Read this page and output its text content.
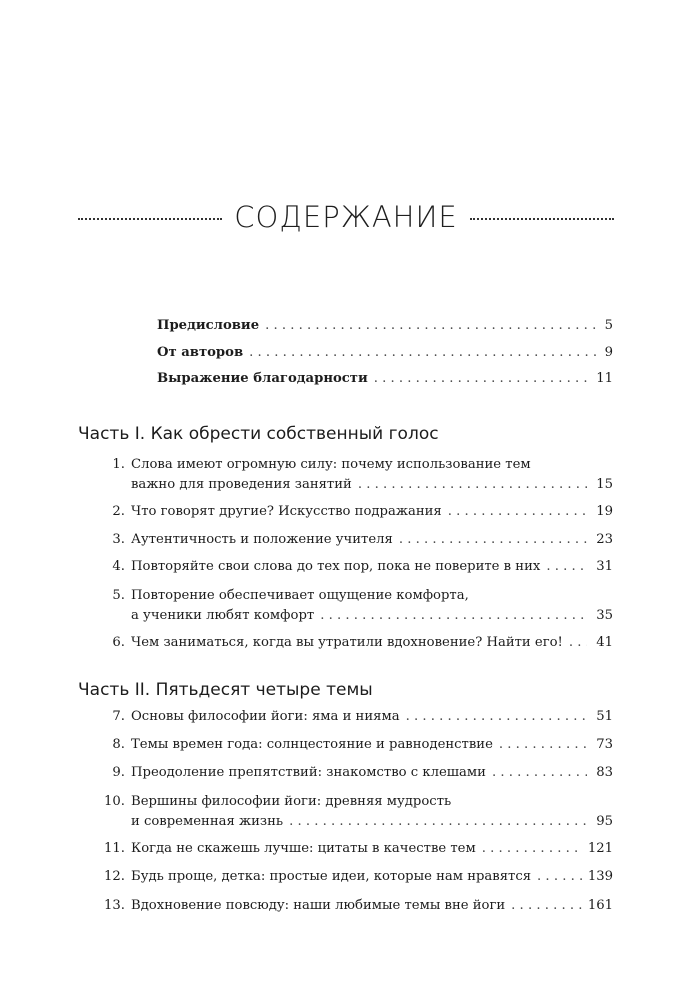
СОДЕРЖАНИЕ
Предисловие . . .	5
От авторов . . .	9
Выражение благодарности . . .	11
Часть I. Как обрести собственный голос
1. Слова имеют огромную силу: почему использование тем
важно для проведения занятий . . .	15
2. Что говорят другие? Искусство подражания . . .	19
3. Аутентичность и положение учителя . . .	23
4. Повторяйте свои слова до тех пор, пока не поверите в них . . .	31
5. Повторение обеспечивает ощущение комфорта,
а ученики любят комфорт . . .	35
6. Чем заниматься, когда вы утратили вдохновение? Найти его! . . .	41
Часть II. Пятьдесят четыре темы
7. Основы философии йоги: яма и нияма . . .	51
8. Темы времен года: солнцестояние и равноденствие . . .	73
9. Преодоление препятствий: знакомство с клешами . . .	83
10. Вершины философии йоги: древняя мудрость
и современная жизнь . . .	95
11. Когда не скажешь лучше: цитаты в качестве тем . . .	121
12. Будь проще, детка: простые идеи, которые нам нравятся . . .	139
13. Вдохновение повсюду: наши любимые темы вне йоги . . .	161
